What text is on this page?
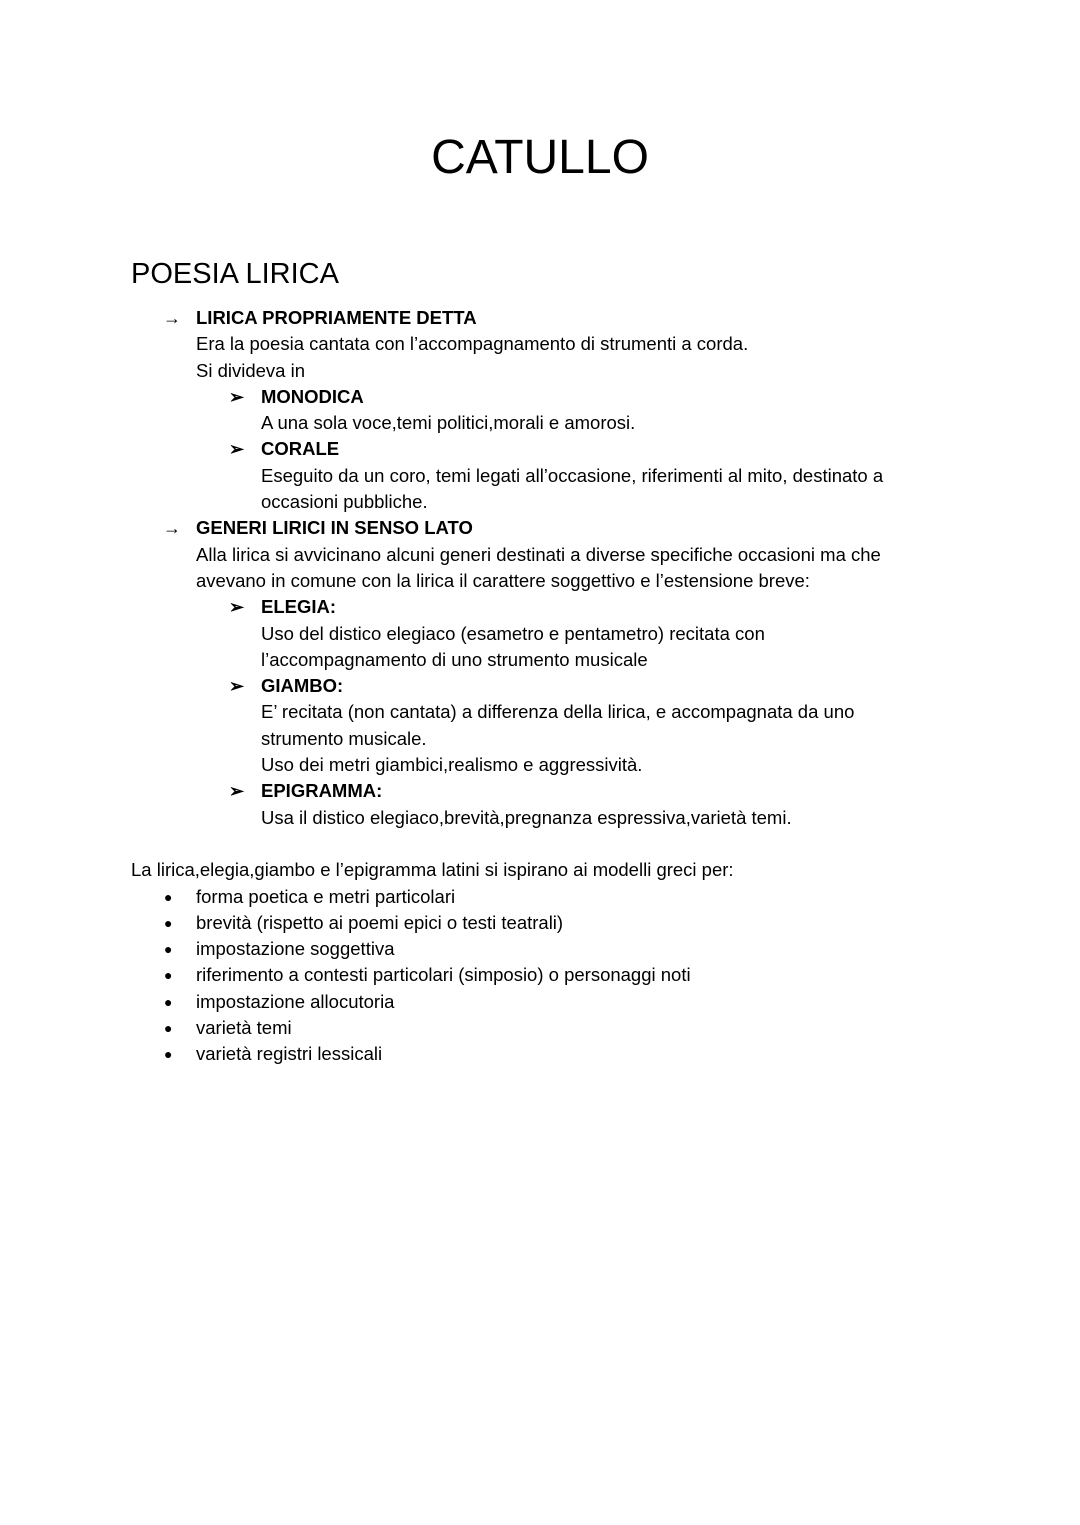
CATULLO
POESIA LIRICA
→ LIRICA PROPRIAMENTE DETTA
Era la poesia cantata con l’accompagnamento di strumenti a corda.
Si divideva in
➢ MONODICA
A una sola voce,temi politici,morali e amorosi.
➢ CORALE
Eseguito da un coro, temi legati all’occasione, riferimenti al mito, destinato a
occasioni pubbliche.
→ GENERI LIRICI IN SENSO LATO
Alla lirica si avvicinano alcuni generi destinati a diverse specifiche occasioni ma che
avevano in comune con la lirica il carattere soggettivo e l’estensione breve:
➢ ELEGIA:
Uso del distico elegiaco (esametro e pentametro) recitata con
l’accompagnamento di uno strumento musicale
➢ GIAMBO:
E’ recitata (non cantata) a differenza della lirica, e accompagnata da uno
strumento musicale.
Uso dei metri giambici,realismo e aggressività.
➢ EPIGRAMMA:
Usa il distico elegiaco,brevità,pregnanza espressiva,varietà temi.
La lirica,elegia,giambo e l’epigramma latini si ispirano ai modelli greci per:
● forma poetica e metri particolari
● brevità (rispetto ai poemi epici o testi teatrali)
● impostazione soggettiva
● riferimento a contesti particolari (simposio) o personaggi noti
● impostazione allocutoria
● varietà temi
● varietà registri lessicali
